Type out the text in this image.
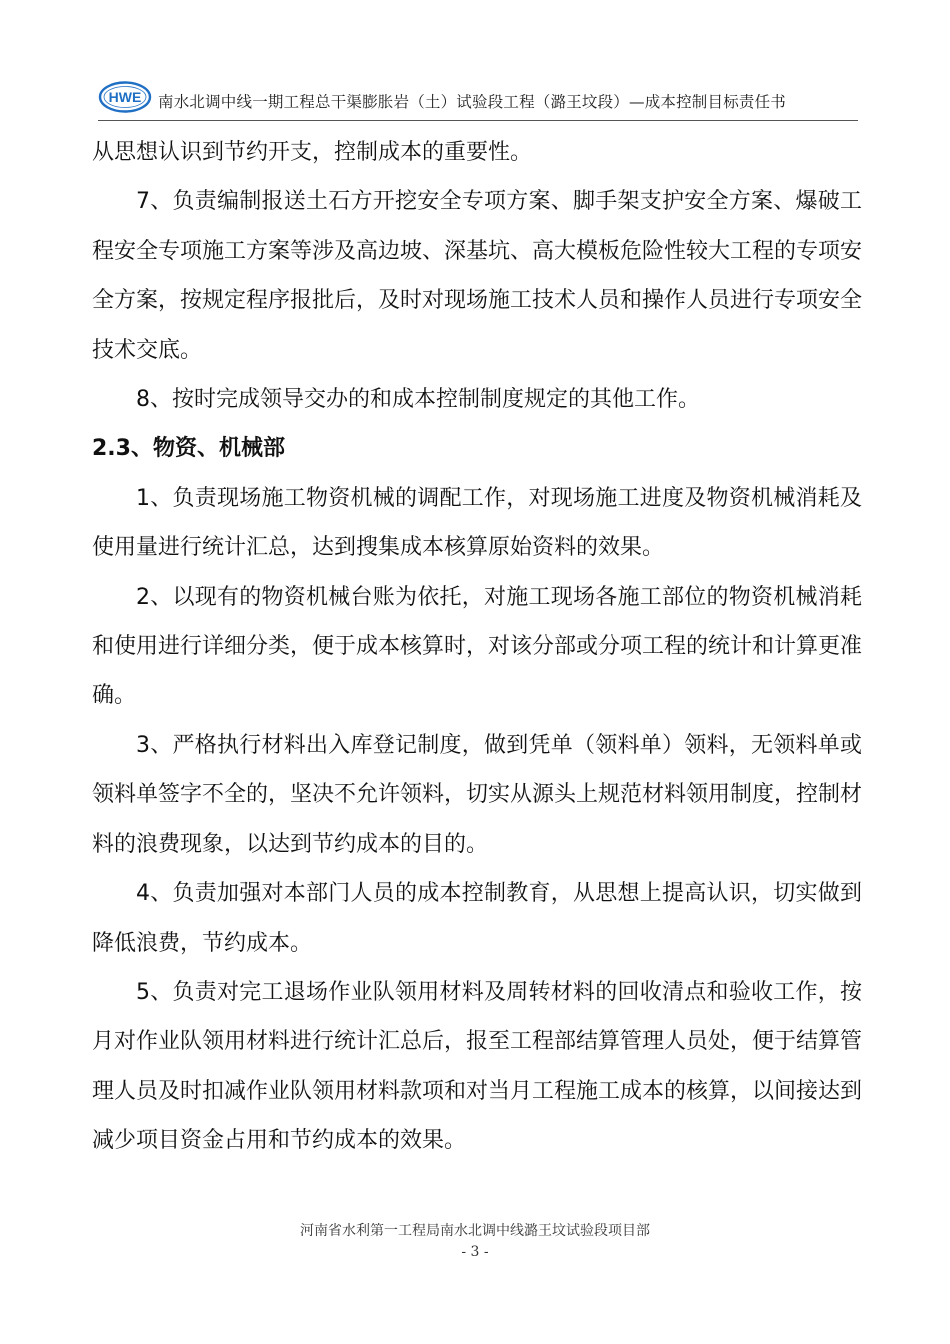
HWE 南水北调中线一期工程总干渠膨胀岩（土）试验段工程（潞王坟段）—成本控制目标责任书

从思想认识到节约开支，控制成本的重要性。

7、负责编制报送土石方开挖安全专项方案、脚手架支护安全方案、爆破工程安全专项施工方案等涉及高边坡、深基坑、高大模板危险性较大工程的专项安全方案，按规定程序报批后，及时对现场施工技术人员和操作人员进行专项安全技术交底。

8、按时完成领导交办的和成本控制制度规定的其他工作。

2.3、物资、机械部

1、负责现场施工物资机械的调配工作，对现场施工进度及物资机械消耗及使用量进行统计汇总，达到搜集成本核算原始资料的效果。

2、以现有的物资机械台账为依托，对施工现场各施工部位的物资机械消耗和使用进行详细分类，便于成本核算时，对该分部或分项工程的统计和计算更准确。

3、严格执行材料出入库登记制度，做到凭单（领料单）领料，无领料单或领料单签字不全的，坚决不允许领料，切实从源头上规范材料领用制度，控制材料的浪费现象，以达到节约成本的目的。

4、负责加强对本部门人员的成本控制教育，从思想上提高认识，切实做到降低浪费，节约成本。

5、负责对完工退场作业队领用材料及周转材料的回收清点和验收工作，按月对作业队领用材料进行统计汇总后，报至工程部结算管理人员处，便于结算管理人员及时扣减作业队领用材料款项和对当月工程施工成本的核算，以间接达到减少项目资金占用和节约成本的效果。

河南省水利第一工程局南水北调中线潞王坟试验段项目部
- 3 -
